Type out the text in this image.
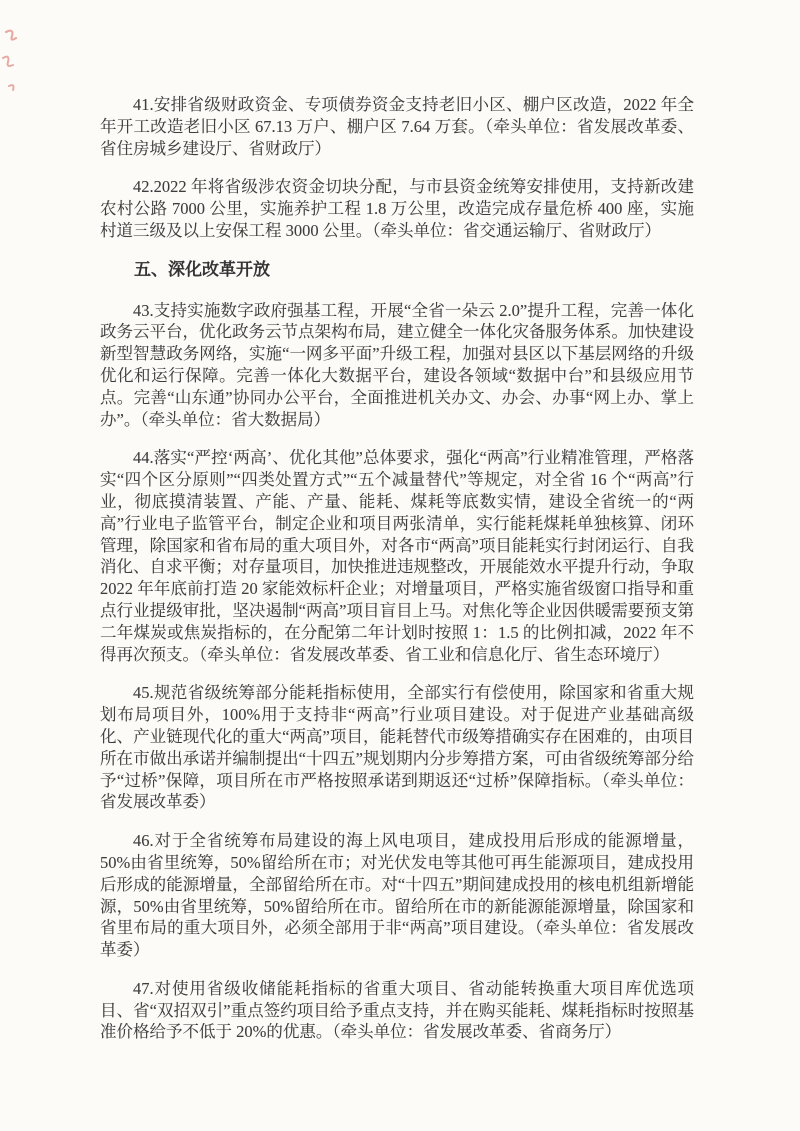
41.安排省级财政资金、专项债券资金支持老旧小区、棚户区改造，2022 年全年开工改造老旧小区 67.13 万户、棚户区 7.64 万套。（牵头单位：省发展改革委、省住房城乡建设厅、省财政厅）

42.2022 年将省级涉农资金切块分配，与市县资金统筹安排使用，支持新改建农村公路 7000 公里，实施养护工程 1.8 万公里，改造完成存量危桥 400 座，实施村道三级及以上安保工程 3000 公里。（牵头单位：省交通运输厅、省财政厅）

五、深化改革开放

43.支持实施数字政府强基工程，开展“全省一朵云 2.0”提升工程，完善一体化政务云平台，优化政务云节点架构布局，建立健全一体化灾备服务体系。加快建设新型智慧政务网络，实施“一网多平面”升级工程，加强对县区以下基层网络的升级优化和运行保障。完善一体化大数据平台，建设各领域“数据中台”和县级应用节点。完善“山东通”协同办公平台，全面推进机关办文、办会、办事“网上办、掌上办”。（牵头单位：省大数据局）

44.落实“严控‘两高’、优化其他”总体要求，强化“两高”行业精准管理，严格落实“四个区分原则”“四类处置方式”“五个减量替代”等规定，对全省 16 个“两高”行业，彻底摸清装置、产能、产量、能耗、煤耗等底数实情，建设全省统一的“两高”行业电子监管平台，制定企业和项目两张清单，实行能耗煤耗单独核算、闭环管理，除国家和省布局的重大项目外，对各市“两高”项目能耗实行封闭运行、自我消化、自求平衡；对存量项目，加快推进违规整改，开展能效水平提升行动，争取 2022 年年底前打造 20 家能效标杆企业；对增量项目，严格实施省级窗口指导和重点行业提级审批，坚决遏制“两高”项目盲目上马。对焦化等企业因供暖需要预支第二年煤炭或焦炭指标的，在分配第二年计划时按照 1：1.5 的比例扣减，2022 年不得再次预支。（牵头单位：省发展改革委、省工业和信息化厅、省生态环境厅）

45.规范省级统筹部分能耗指标使用，全部实行有偿使用，除国家和省重大规划布局项目外，100%用于支持非“两高”行业项目建设。对于促进产业基础高级化、产业链现代化的重大“两高”项目，能耗替代市级筹措确实存在困难的，由项目所在市做出承诺并编制提出“十四五”规划期内分步筹措方案，可由省级统筹部分给予“过桥”保障，项目所在市严格按照承诺到期返还“过桥”保障指标。（牵头单位：省发展改革委）

46.对于全省统筹布局建设的海上风电项目，建成投用后形成的能源增量，50%由省里统筹，50%留给所在市；对光伏发电等其他可再生能源项目，建成投用后形成的能源增量，全部留给所在市。对“十四五”期间建成投用的核电机组新增能源，50%由省里统筹，50%留给所在市。留给所在市的新能源能源增量，除国家和省里布局的重大项目外，必须全部用于非“两高”项目建设。（牵头单位：省发展改革委）

47.对使用省级收储能耗指标的省重大项目、省动能转换重大项目库优选项目、省“双招双引”重点签约项目给予重点支持，并在购买能耗、煤耗指标时按照基准价格给予不低于 20%的优惠。（牵头单位：省发展改革委、省商务厅）
